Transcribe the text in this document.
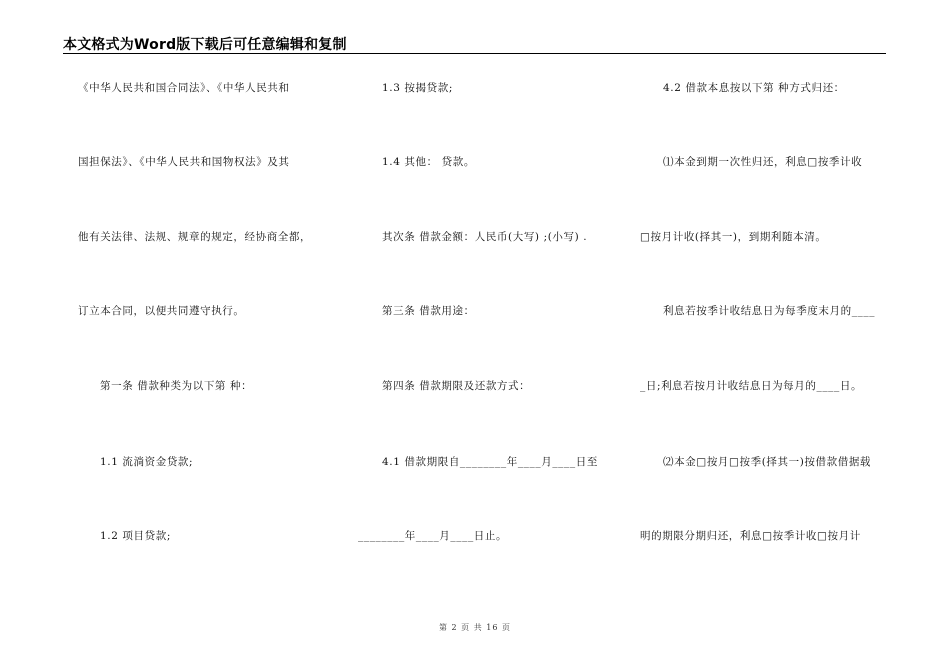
本文格式为Word版下载后可任意编辑和复制
《中华人民共和国合同法》、《中华人民共和
国担保法》、《中华人民共和国物权法》及其
他有关法律、法规、规章的规定，经协商全都，
订立本合同，以便共同遵守执行。
第一条 借款种类为以下第 种：
1.1 流淌资金贷款;
1.2 项目贷款;
1.3 按揭贷款;
1.4 其他： 贷款。
其次条 借款金额：人民币(大写) ;(小写) .
第三条 借款用途：
第四条 借款期限及还款方式：
4.1 借款期限自________年____月____日至
________年____月____日止。
4.2 借款本息按以下第 种方式归还：
⑴本金到期一次性归还，利息□按季计收
□按月计收(择其一)，到期利随本清。
利息若按季计收结息日为每季度末月的____
_日;利息若按月计收结息日为每月的____日。
⑵本金□按月□按季(择其一)按借款借据载
明的期限分期归还，利息□按季计收□按月计
第 2 页 共 16 页
